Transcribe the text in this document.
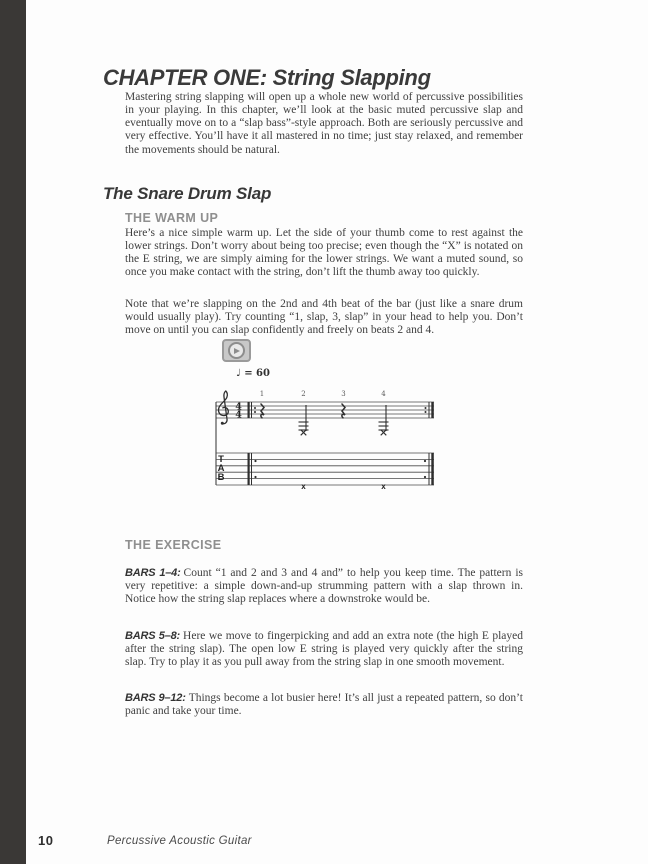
CHAPTER ONE: String Slapping

Mastering string slapping will open up a whole new world of percussive possibilities in your playing. In this chapter, we’ll look at the basic muted percussive slap and eventually move on to a “slap bass”-style approach. Both are seriously percussive and very effective. You’ll have it all mastered in no time; just stay relaxed, and remember the movements should be natural.

The Snare Drum Slap
THE WARM UP

Here’s a nice simple warm up. Let the side of your thumb come to rest against the lower strings. Don’t worry about being too precise; even though the “X” is notated on the E string, we are simply aiming for the lower strings. We want a muted sound, so once you make contact with the string, don’t lift the thumb away too quickly.

Note that we’re slapping on the 2nd and 4th beat of the bar (just like a snare drum would usually play). Try counting “1, slap, 3, slap” in your head to help you. Don’t move on until you can slap confidently and freely on beats 2 and 4.

♩ = 60
1	2	3	4
4
4
T
A
B
x	x
THE EXERCISE

BARS 1–4: Count “1 and 2 and 3 and 4 and” to help you keep time. The pattern is very repetitive: a simple down-and-up strumming pattern with a slap thrown in. Notice how the string slap replaces where a downstroke would be.

BARS 5–8: Here we move to fingerpicking and add an extra note (the high E played after the string slap). The open low E string is played very quickly after the string slap. Try to play it as you pull away from the string slap in one smooth movement.

BARS 9–12: Things become a lot busier here! It’s all just a repeated pattern, so don’t panic and take your time.

10	Percussive Acoustic Guitar
